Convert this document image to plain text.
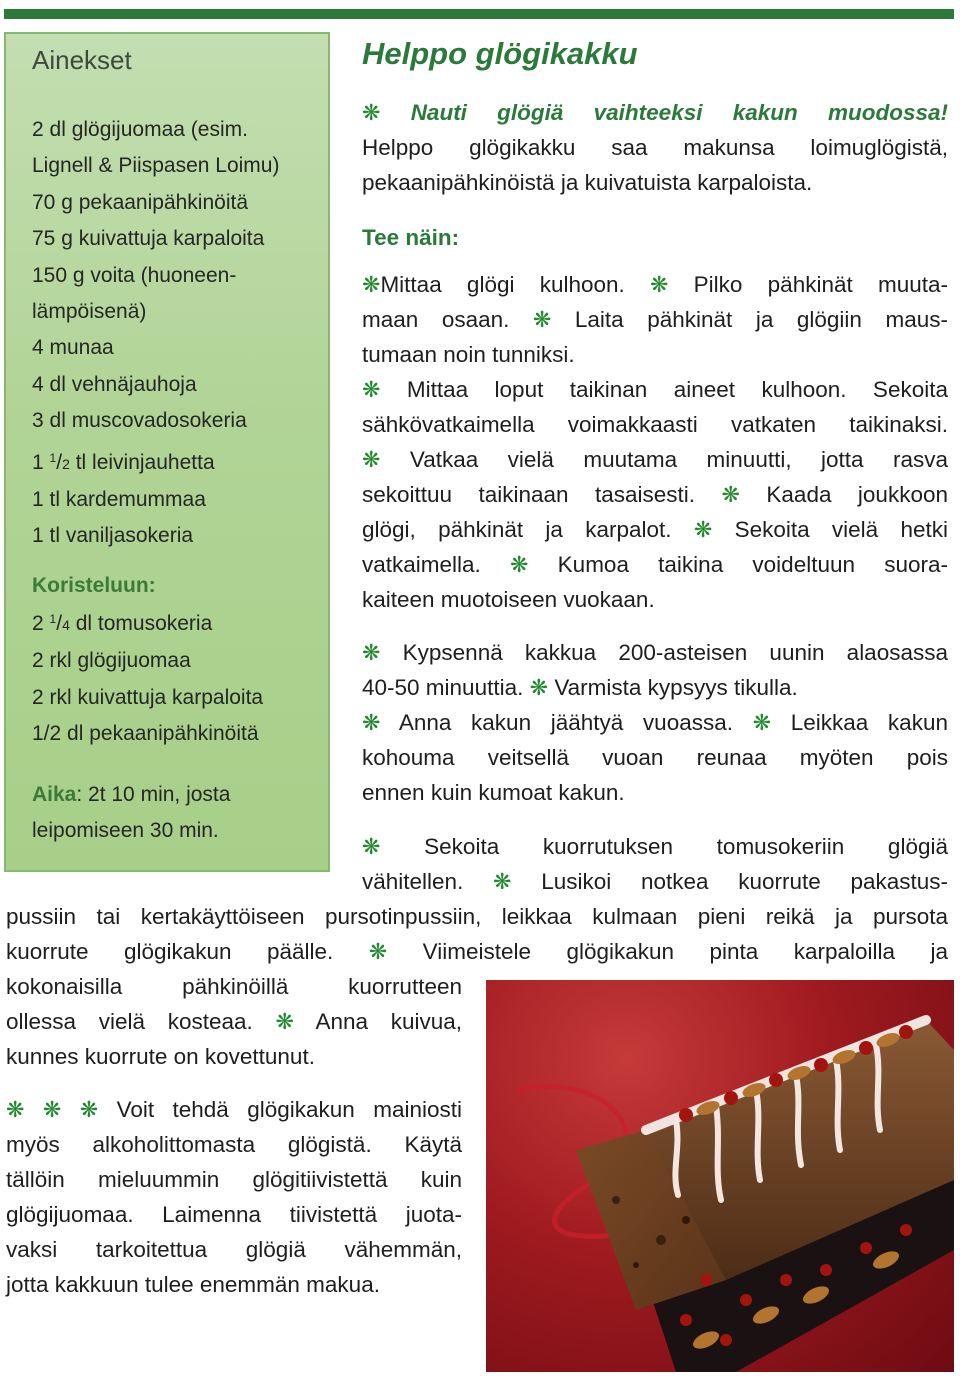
Ainekset
2 dl glögijuomaa (esim.
Lignell & Piispasen Loimu)
70 g pekaanipähkinöitä
75 g kuivattuja karpaloita
150 g voita (huoneen-
lämpöisenä)
4 munaa
4 dl vehnäjauhoja
3 dl muscovadosokeria
1 $^1$/2 tl leivinjauhetta
1 tl kardemummaa
1 tl vaniljasokeria
Koristeluun:
2 $^1$/4 dl tomusokeria
2 rkl glögijuomaa
2 rkl kuivattuja karpaloita
1/2 dl pekaanipähkinöitä
Aika: 2t 10 min, josta
leipomiseen 30 min.
Helppo glögikakku
❋ Nauti glögiä vaihteeksi kakun muodossa!
Helppo glögikakku saa makunsa loimuglögistä,
pekaanipähkinöistä ja kuivatuista karpaloista.
Tee näin:
❋Mittaa glögi kulhoon. ❋ Pilko pähkinät muuta-
maan osaan. ❋ Laita pähkinät ja glögiin maus-
tumaan noin tunniksi.
❋ Mittaa loput taikinan aineet kulhoon. Sekoita
sähkövatkaimella voimakkaasti vatkaten taikinaksi.
❋ Vatkaa vielä muutama minuutti, jotta rasva
sekoittuu taikinaan tasaisesti. ❋ Kaada joukkoon
glögi, pähkinät ja karpalot. ❋ Sekoita vielä hetki
vatkaimella. ❋ Kumoa taikina voideltuun suora-
kaiteen muotoiseen vuokaan.
❋ Kypsennä kakkua 200-asteisen uunin alaosassa
40-50 minuuttia. ❋ Varmista kypsyys tikulla.
❋ Anna kakun jäähtyä vuoassa. ❋ Leikkaa kakun
kohouma veitsellä vuoan reunaa myöten pois
ennen kuin kumoat kakun.
❋ Sekoita kuorrutuksen tomusokeriin glögiä
vähitellen. ❋ Lusikoi notkea kuorrute pakastus-
pussiin tai kertakäyttöiseen pursotinpussiin, leikkaa kulmaan pieni reikä ja pursota
kuorrute glögikakun päälle. ❋ Viimeistele glögikakun pinta karpaloilla ja
kokonaisilla pähkinöillä kuorrutteen
ollessa vielä kosteaa. ❋ Anna kuivua,
kunnes kuorrute on kovettunut.
❋ ❋ ❋ Voit tehdä glögikakun mainiosti
myös alkoholittomasta glögistä. Käytä
tällöin mieluummin glögitiivistettä kuin
glögijuomaa. Laimenna tiivistettä juota-
vaksi tarkoitettua glögiä vähemmän,
jotta kakkuun tulee enemmän makua.
